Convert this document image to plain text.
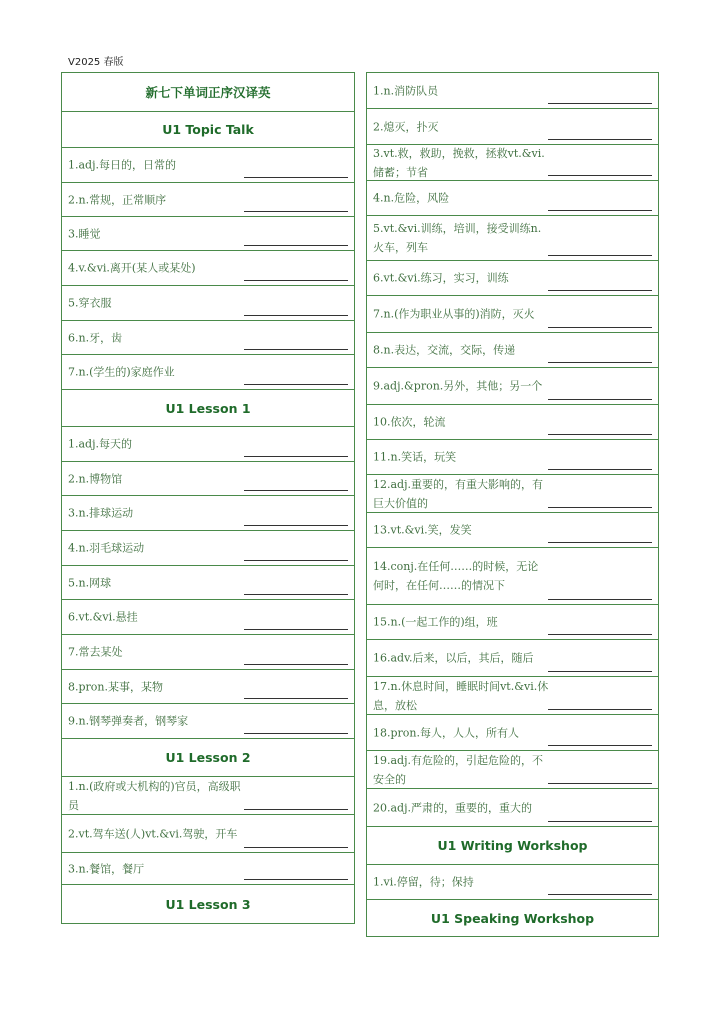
V2025 春版
新七下单词正序汉译英
U1 Topic Talk
1.adj.每日的，日常的
2.n.常规，正常顺序
3.睡觉
4.v.&vi.离开(某人或某处)
5.穿衣服
6.n.牙，齿
7.n.(学生的)家庭作业
U1 Lesson 1
1.adj.每天的
2.n.博物馆
3.n.排球运动
4.n.羽毛球运动
5.n.网球
6.vt.&vi.悬挂
7.常去某处
8.pron.某事，某物
9.n.钢琴弹奏者，钢琴家
U1 Lesson 2
1.n.(政府或大机构的)官员，高级职员
2.vt.驾车送(人)vt.&vi.驾驶，开车
3.n.餐馆，餐厅
U1 Lesson 3
1.n.消防队员
2.熄灭，扑灭
3.vt.救，救助，挽救，拯救vt.&vi.储蓄；节省
4.n.危险，风险
5.vt.&vi.训练，培训，接受训练n.火车，列车
6.vt.&vi.练习，实习，训练
7.n.(作为职业从事的)消防，灭火
8.n.表达，交流，交际，传递
9.adj.&pron.另外，其他；另一个
10.依次，轮流
11.n.笑话，玩笑
12.adj.重要的，有重大影响的，有巨大价值的
13.vt.&vi.笑，发笑
14.conj.在任何……的时候，无论何时，在任何……的情况下
15.n.(一起工作的)组，班
16.adv.后来，以后，其后，随后
17.n.休息时间，睡眠时间vt.&vi.休息，放松
18.pron.每人，人人，所有人
19.adj.有危险的，引起危险的，不安全的
20.adj.严肃的，重要的，重大的
U1 Writing Workshop
1.vi.停留，待；保持
U1 Speaking Workshop
